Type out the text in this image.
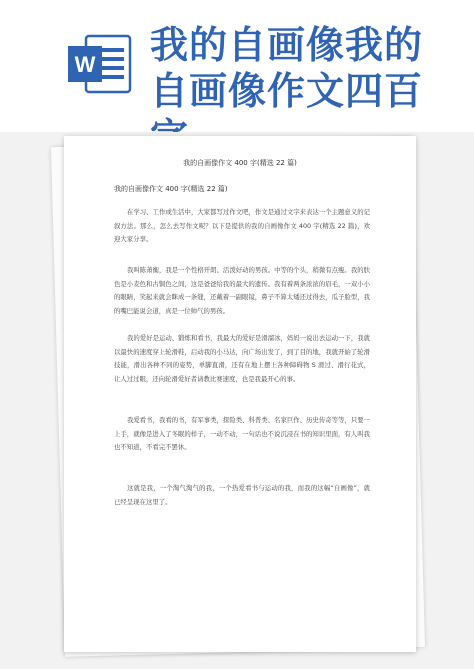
W 我的自画像我的自画像作文四百

我的自画像作文 400 字(精选 22 篇)

我的自画像作文 400 字(精选 22 篇)

在学习、工作或生活中，大家都写过作文吧，作文是通过文字来表达一个主题意义的记叙方法。那么，怎么去写作文呢？以下是提供的我的自画像作文 400 字(精选 22 篇)，欢迎大家分享。

我叫陈萧衡，我是一个性格开朗、活泼好动的男孩。中等的个头，稍微有点瘦。我的肤色是小麦色和古铜色之间，这是爸爸给我的最大的遗传。我有着两条浓浓的眉毛，一双小小的眼睛，笑起来就会眯成一条缝，还戴着一副眼镜，鼻子不算太矮还过得去，瓜子脸型，我的嘴巴能说会道，真是一位帅气的男孩。

我的爱好是运动、锻炼和看书，我最大的爱好是滑溜冰，妈妈一说出去运动一下，我就以最快的速度穿上轮滑鞋，启动我的小马达，向广场出发了，到了目的地，我就开始了轮滑技能，滑出各种不同的姿势，单脚直滑，还有在地上摆上各种障碍物 S 滑过、滑行花式，让人过过眼，还向轮滑爱好者请教比赛速度，也是我最开心的事。

我爱看书，我看的书，有军事类，探险类、科普类、名家巨作、历史传奇等等，只要一上手，就像是进入了冬眠的样子，一动不动，一句话也不说沉浸在书的知识里面，有人叫我也不知道，不看完不罢休。

这就是我，一个淘气淘气的我，一个热爱看书与运动的我，而我的这幅“自画像”，就已经呈现在这里了。
